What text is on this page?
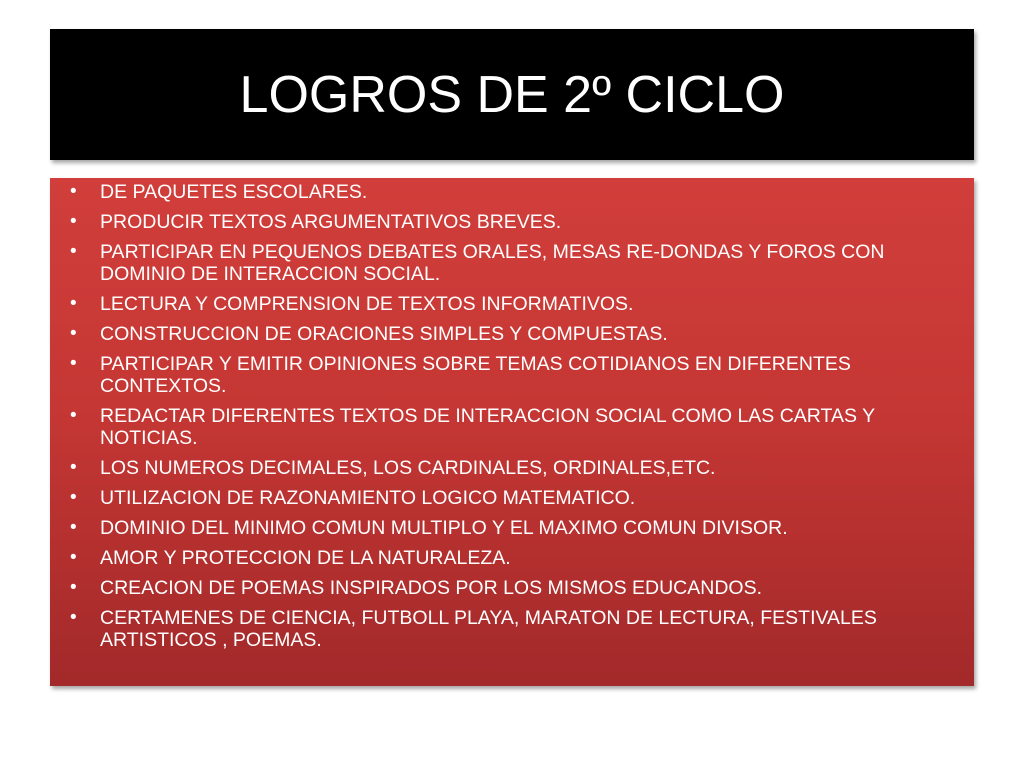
LOGROS DE 2º CICLO
•	DE PAQUETES ESCOLARES.
•	PRODUCIR TEXTOS ARGUMENTATIVOS BREVES.
•	PARTICIPAR EN PEQUENOS DEBATES ORALES, MESAS RE-DONDAS Y FOROS CON DOMINIO DE INTERACCION SOCIAL.
•	LECTURA Y COMPRENSION DE TEXTOS INFORMATIVOS.
•	CONSTRUCCION DE ORACIONES SIMPLES Y COMPUESTAS.
•	PARTICIPAR Y EMITIR OPINIONES SOBRE TEMAS COTIDIANOS EN DIFERENTES CONTEXTOS.
•	REDACTAR DIFERENTES TEXTOS DE INTERACCION SOCIAL COMO LAS CARTAS Y NOTICIAS.
•	LOS NUMEROS DECIMALES, LOS CARDINALES, ORDINALES,ETC.
•	UTILIZACION DE RAZONAMIENTO LOGICO MATEMATICO.
•	DOMINIO DEL MINIMO COMUN MULTIPLO Y EL MAXIMO COMUN DIVISOR.
•	AMOR Y PROTECCION DE LA NATURALEZA.
•	CREACION DE POEMAS INSPIRADOS POR LOS MISMOS EDUCANDOS.
•	CERTAMENES DE CIENCIA, FUTBOLL PLAYA, MARATON DE LECTURA, FESTIVALES ARTISTICOS , POEMAS.
